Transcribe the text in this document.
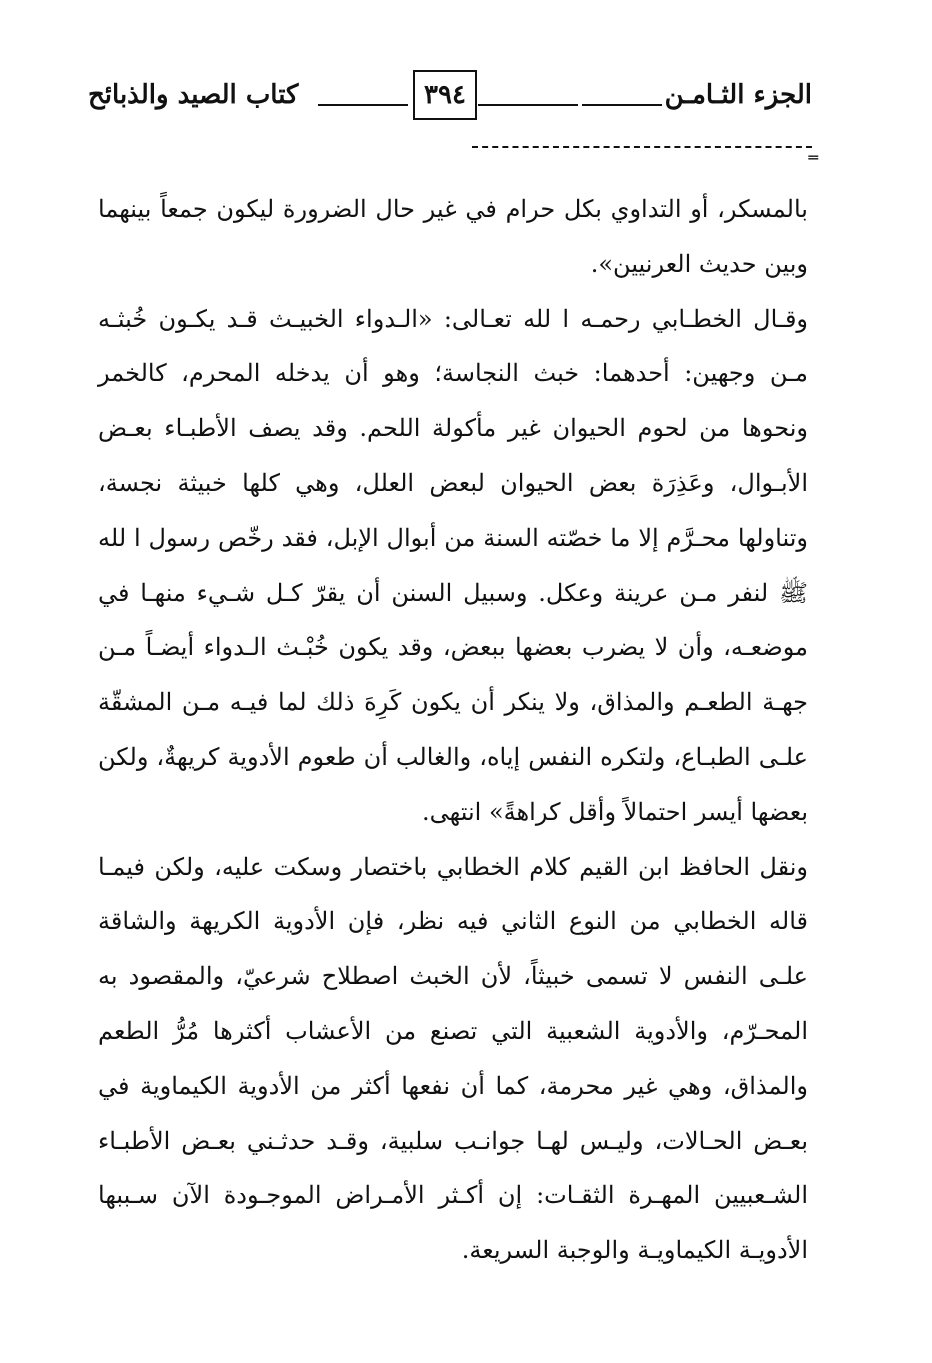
الجزء الثـامـن
٣٩٤
كتاب الصيد والذبائح
═

بالمسكر، أو التداوي بكل حرام في غير حال الضرورة ليكون جمعاً بينهما وبين حديث العرنيين».

وقـال الخطـابي رحمـه ا لله تعـالى: «الـدواء الخبيـث قـد يكـون خُبثـه مـن وجهين: أحدهما: خبث النجاسة؛ وهو أن يدخله المحرم، كالخمر ونحوها من لحوم الحيوان غير مأكولة اللحم. وقد يصف الأطبـاء بعـض الأبـوال، وعَذِرَة بعض الحيوان لبعض العلل، وهي كلها خبيثة نجسة، وتناولها محـرَّم إلا ما خصّته السنة من أبوال الإبل، فقد رخّص رسول ا لله ﷺ لنفر مـن عرينة وعكل. وسبيل السنن أن يقرّ كـل شـيء منهـا في موضعـه، وأن لا يضرب بعضها ببعض، وقد يكون خُبْـث الـدواء أيضـاً مـن جهـة الطعـم والمذاق، ولا ينكر أن يكون كَرِهَ ذلك لما فيـه مـن المشقّة علـى الطبـاع، ولتكره النفس إياه، والغالب أن طعوم الأدوية كريهةٌ، ولكن بعضها أيسر احتمالاً وأقل كراهةً» انتهى.

ونقل الحافظ ابن القيم كلام الخطابي باختصار وسكت عليه، ولكن فيمـا قاله الخطابي من النوع الثاني فيه نظر، فإن الأدوية الكريهة والشاقة علـى النفس لا تسمى خبيثاً، لأن الخبث اصطلاح شرعيّ، والمقصود به المحـرّم، والأدوية الشعبية التي تصنع من الأعشاب أكثرها مُرُّ الطعم والمذاق، وهي غير محرمة، كما أن نفعها أكثر من الأدوية الكيماوية في بعـض الحـالات، وليـس لهـا جوانـب سلبية، وقـد حدثـني بعـض الأطبـاء الشـعبيين المهـرة الثقـات: إن أكـثر الأمـراض الموجـودة الآن سـببها الأدويـة الكيماويـة والوجبة السريعة.
